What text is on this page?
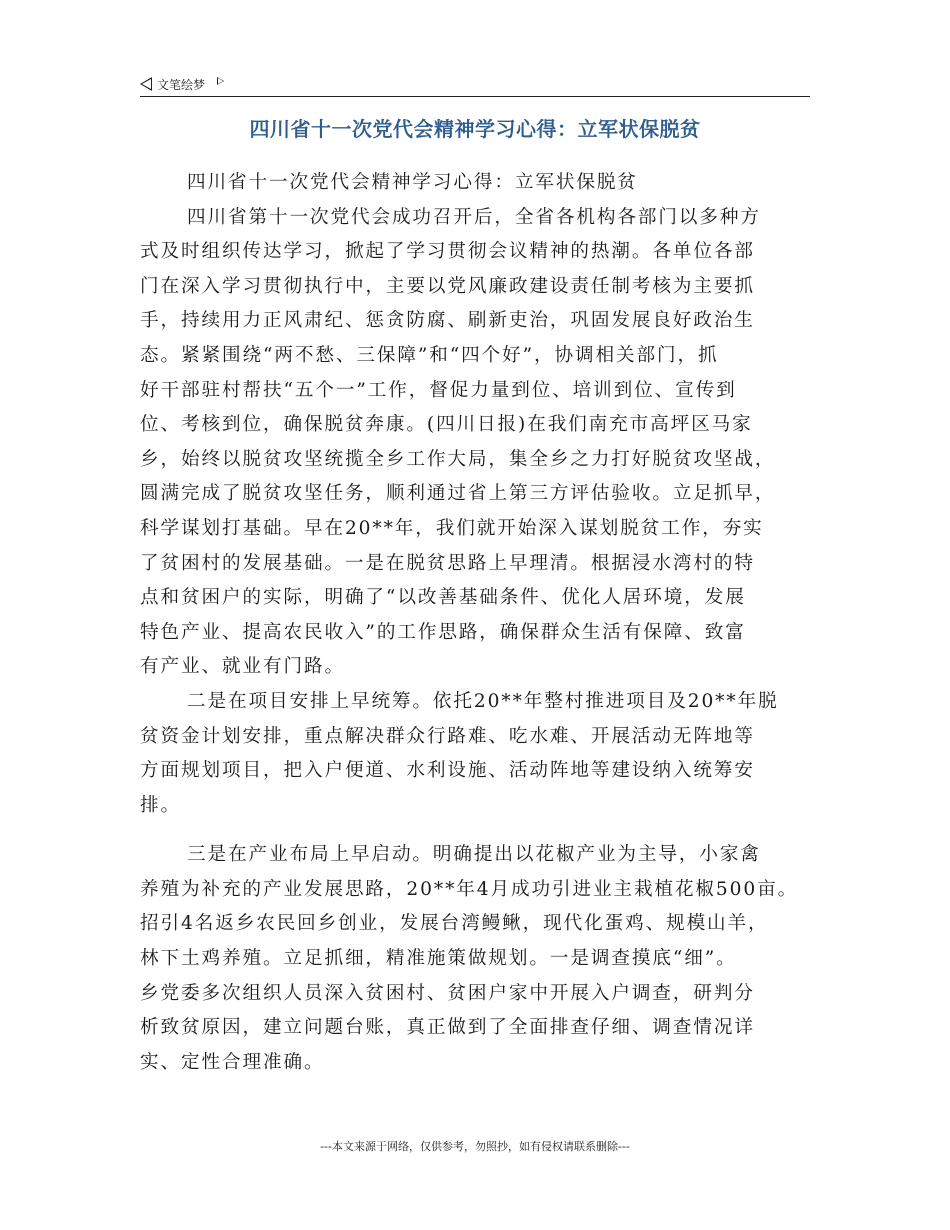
文笔绘梦
四川省十一次党代会精神学习心得：立军状保脱贫
四川省十一次党代会精神学习心得：立军状保脱贫
四川省第十一次党代会成功召开后，全省各机构各部门以多种方
式及时组织传达学习，掀起了学习贯彻会议精神的热潮。各单位各部
门在深入学习贯彻执行中，主要以党风廉政建设责任制考核为主要抓
手，持续用力正风肃纪、惩贪防腐、刷新吏治，巩固发展良好政治生
态。紧紧围绕“两不愁、三保障”和“四个好”，协调相关部门，抓
好干部驻村帮扶“五个一”工作，督促力量到位、培训到位、宣传到
位、考核到位，确保脱贫奔康。(四川日报)在我们南充市高坪区马家
乡，始终以脱贫攻坚统揽全乡工作大局，集全乡之力打好脱贫攻坚战，
圆满完成了脱贫攻坚任务，顺利通过省上第三方评估验收。立足抓早，
科学谋划打基础。早在20**年，我们就开始深入谋划脱贫工作，夯实
了贫困村的发展基础。一是在脱贫思路上早理清。根据浸水湾村的特
点和贫困户的实际，明确了“以改善基础条件、优化人居环境，发展
特色产业、提高农民收入”的工作思路，确保群众生活有保障、致富
有产业、就业有门路。
二是在项目安排上早统筹。依托20**年整村推进项目及20**年脱
贫资金计划安排，重点解决群众行路难、吃水难、开展活动无阵地等
方面规划项目，把入户便道、水利设施、活动阵地等建设纳入统筹安
排。
三是在产业布局上早启动。明确提出以花椒产业为主导，小家禽
养殖为补充的产业发展思路，20**年4月成功引进业主栽植花椒500亩。
招引4名返乡农民回乡创业，发展台湾鳗鳅，现代化蛋鸡、规模山羊，
林下土鸡养殖。立足抓细，精准施策做规划。一是调查摸底“细”。
乡党委多次组织人员深入贫困村、贫困户家中开展入户调查，研判分
析致贫原因，建立问题台账，真正做到了全面排查仔细、调查情况详
实、定性合理准确。
---本文来源于网络，仅供参考，勿照抄，如有侵权请联系删除---
